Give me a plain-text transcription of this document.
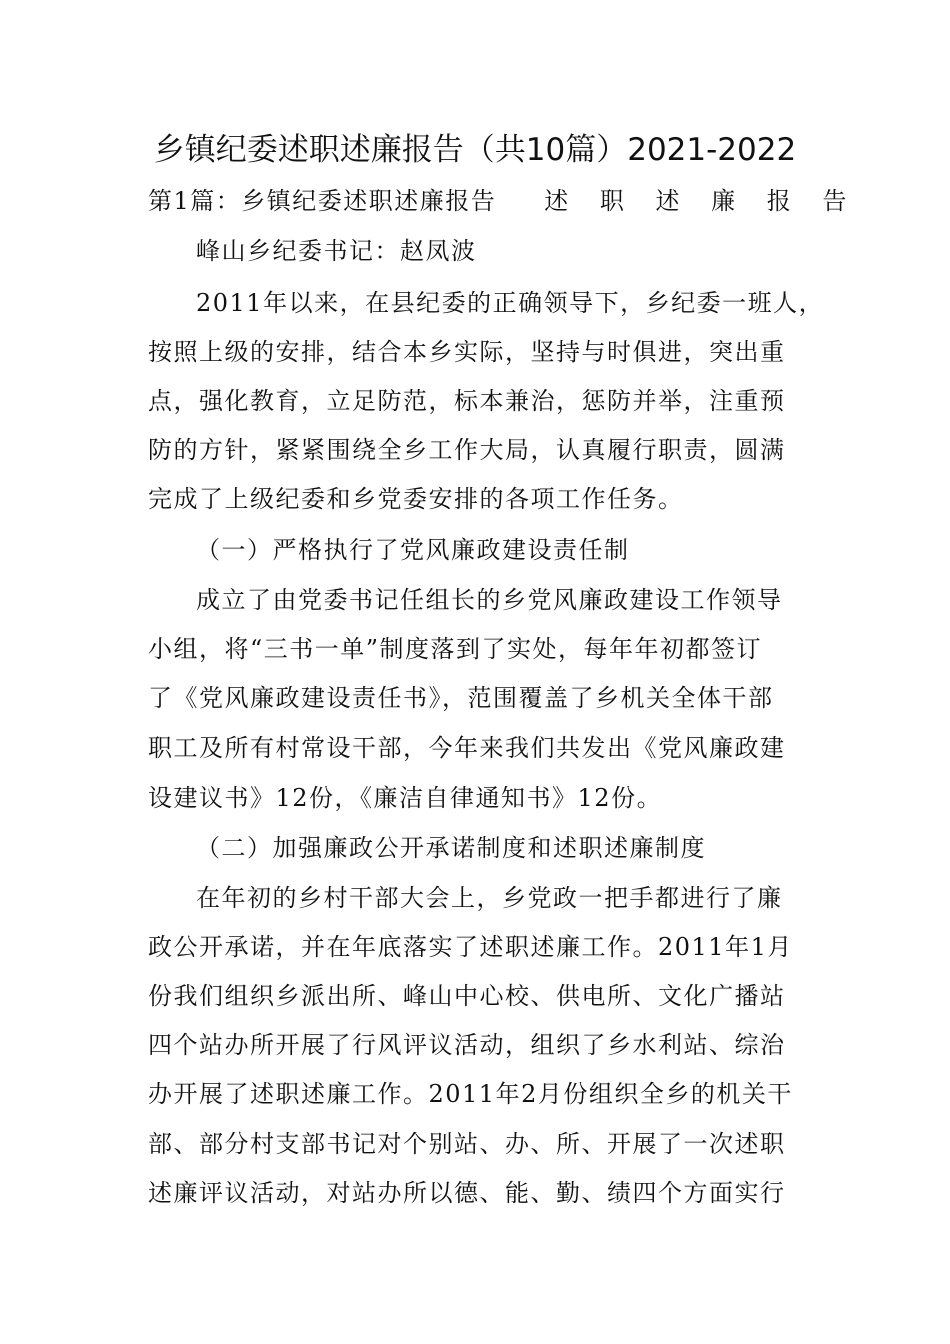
乡镇纪委述职述廉报告（共10篇）2021-2022
第1篇：乡镇纪委述职述廉报告 述 职 述 廉 报 告
峰山乡纪委书记：赵凤波
2011年以来，在县纪委的正确领导下，乡纪委一班人，
按照上级的安排，结合本乡实际，坚持与时俱进，突出重
点，强化教育，立足防范，标本兼治，惩防并举，注重预
防的方针，紧紧围绕全乡工作大局，认真履行职责，圆满
完成了上级纪委和乡党委安排的各项工作任务。
（一）严格执行了党风廉政建设责任制
成立了由党委书记任组长的乡党风廉政建设工作领导
小组，将“三书一单”制度落到了实处，每年年初都签订
了《党风廉政建设责任书》，范围覆盖了乡机关全体干部
职工及所有村常设干部，今年来我们共发出《党风廉政建
设建议书》12份，《廉洁自律通知书》12份。
（二）加强廉政公开承诺制度和述职述廉制度
在年初的乡村干部大会上，乡党政一把手都进行了廉
政公开承诺，并在年底落实了述职述廉工作。2011年1月
份我们组织乡派出所、峰山中心校、供电所、文化广播站
四个站办所开展了行风评议活动，组织了乡水利站、综治
办开展了述职述廉工作。2011年2月份组织全乡的机关干
部、部分村支部书记对个别站、办、所、开展了一次述职
述廉评议活动，对站办所以德、能、勤、绩四个方面实行
